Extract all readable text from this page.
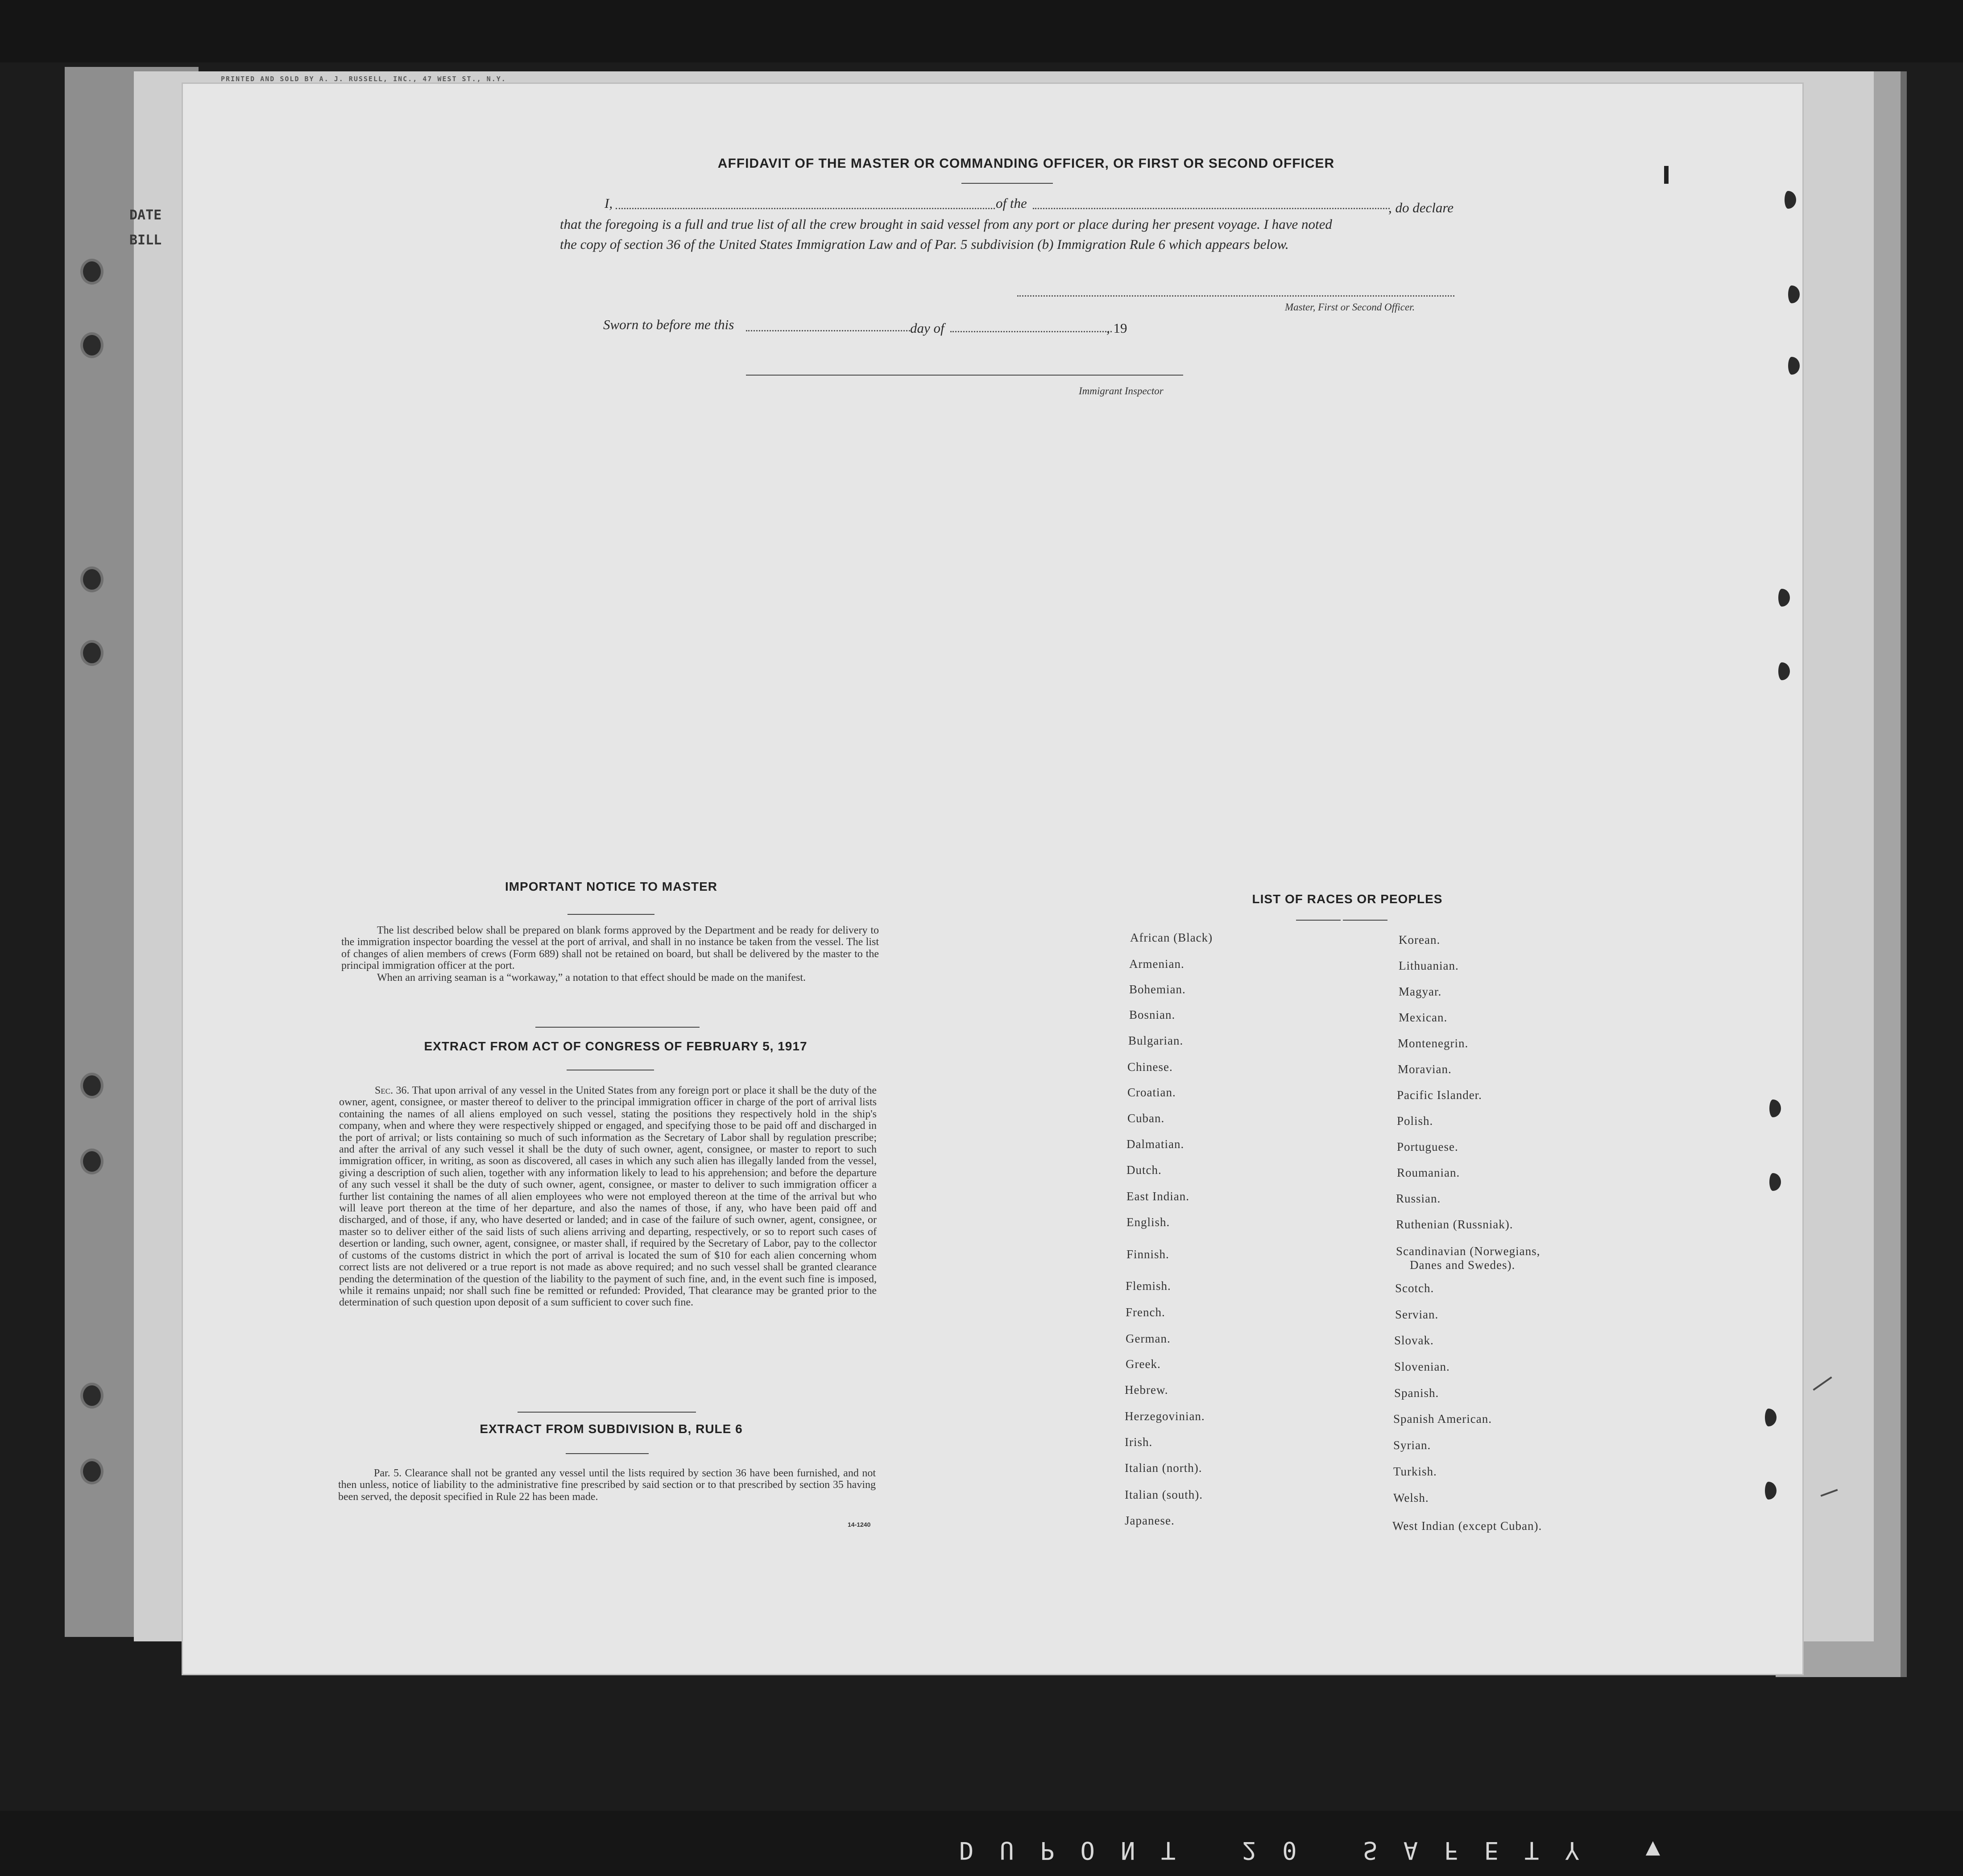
DUPONT 20 SAFETY ▼
DATE
BILL
PRINTED AND SOLD BY A. J. RUSSELL, INC., 47 WEST ST., N.Y.
AFFIDAVIT OF THE MASTER OR COMMANDING OFFICER, OR FIRST OR SECOND OFFICER
I,	of the	, do declare
that the foregoing is a full and true list of all the crew brought in said vessel from any port or place during her present voyage. I have noted
the copy of section 36 of the United States Immigration Law and of Par. 5 subdivision (b) Immigration Rule 6 which appears below.
Master, First or Second Officer.
Sworn to before me this	day of	, 19
Immigrant Inspector
IMPORTANT NOTICE TO MASTER

The list described below shall be prepared on blank forms approved by the Department and be ready for delivery to the immigration inspector boarding the vessel at the port of arrival, and shall in no instance be taken from the vessel. The list of changes of alien members of crews (Form 689) shall not be retained on board, but shall be delivered by the master to the principal immigration officer at the port.

When an arriving seaman is a “workaway,” a notation to that effect should be made on the manifest.

EXTRACT FROM ACT OF CONGRESS OF FEBRUARY 5, 1917

Sec. 36. That upon arrival of any vessel in the United States from any foreign port or place it shall be the duty of the owner, agent, consignee, or master thereof to deliver to the principal immigration officer in charge of the port of arrival lists containing the names of all aliens employed on such vessel, stating the positions they respectively hold in the ship's company, when and where they were respectively shipped or engaged, and specifying those to be paid off and discharged in the port of arrival; or lists containing so much of such information as the Secretary of Labor shall by regulation prescribe; and after the arrival of any such vessel it shall be the duty of such owner, agent, consignee, or master to report to such immigration officer, in writing, as soon as discovered, all cases in which any such alien has illegally landed from the vessel, giving a description of such alien, together with any information likely to lead to his apprehension; and before the departure of any such vessel it shall be the duty of such owner, agent, consignee, or master to deliver to such immigration officer a further list containing the names of all alien employees who were not employed thereon at the time of the arrival but who will leave port thereon at the time of her departure, and also the names of those, if any, who have been paid off and discharged, and of those, if any, who have deserted or landed; and in case of the failure of such owner, agent, consignee, or master so to deliver either of the said lists of such aliens arriving and departing, respectively, or so to report such cases of desertion or landing, such owner, agent, consignee, or master shall, if required by the Secretary of Labor, pay to the collector of customs of the customs district in which the port of arrival is located the sum of $10 for each alien concerning whom correct lists are not delivered or a true report is not made as above required; and no such vessel shall be granted clearance pending the determination of the question of the liability to the payment of such fine, and, in the event such fine is imposed, while it remains unpaid; nor shall such fine be remitted or refunded: Provided, That clearance may be granted prior to the determination of such question upon deposit of a sum sufficient to cover such fine.

EXTRACT FROM SUBDIVISION B, RULE 6

Par. 5. Clearance shall not be granted any vessel until the lists required by section 36 have been furnished, and not then unless, notice of liability to the administrative fine prescribed by said section or to that prescribed by section 35 having been served, the deposit specified in Rule 22 has been made.

14-1240
LIST OF RACES OR PEOPLES
African (Black)
Armenian.
Bohemian.
Bosnian.
Bulgarian.
Chinese.
Croatian.
Cuban.
Dalmatian.
Dutch.
East Indian.
English.
Finnish.
Flemish.
French.
German.
Greek.
Hebrew.
Herzegovinian.
Irish.
Italian (north).
Italian (south).
Japanese.
Korean.
Lithuanian.
Magyar.
Mexican.
Montenegrin.
Moravian.
Pacific Islander.
Polish.
Portuguese.
Roumanian.
Russian.
Ruthenian (Russniak).
Scandinavian (Norwegians,
Danes and Swedes).
Scotch.
Servian.
Slovak.
Slovenian.
Spanish.
Spanish American.
Syrian.
Turkish.
Welsh.
West Indian (except Cuban).
